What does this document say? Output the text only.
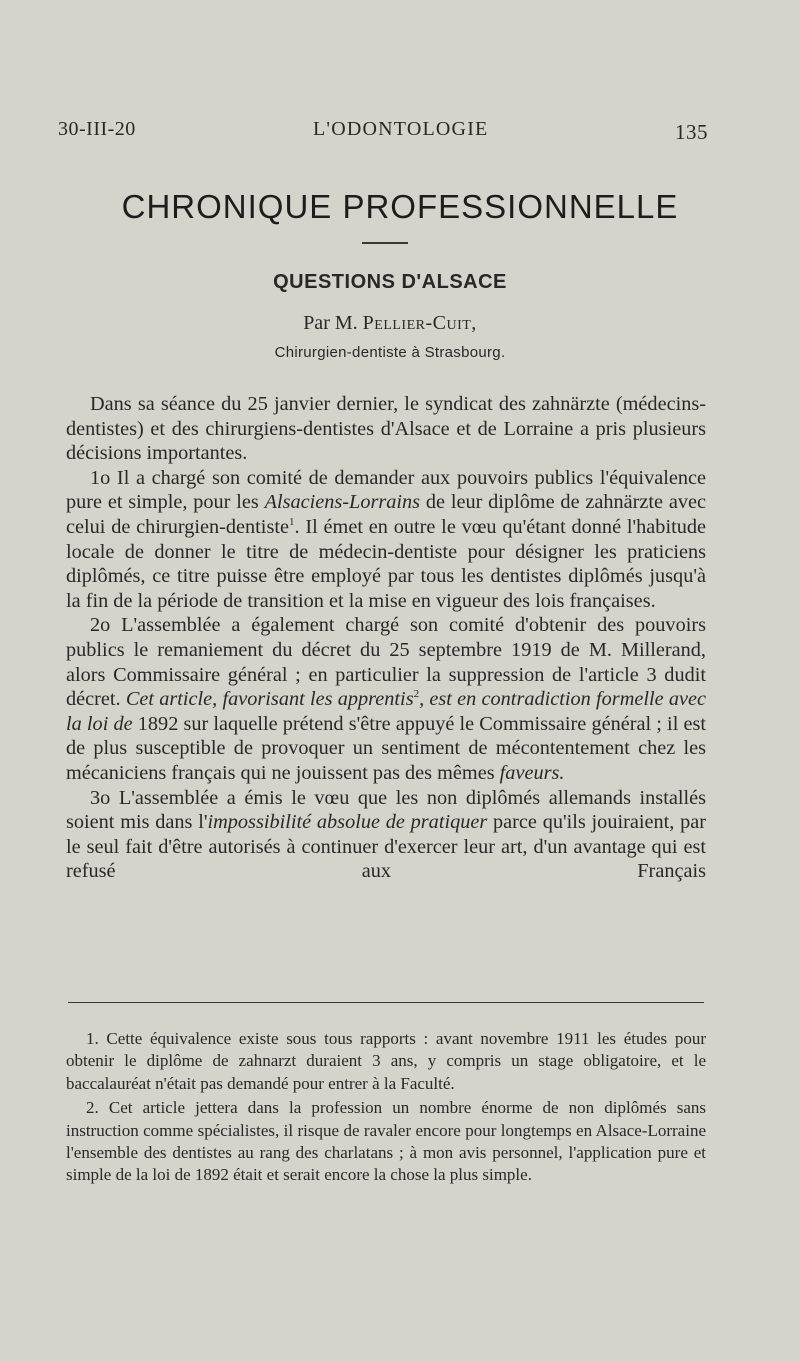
30-III-20	L'ODONTOLOGIE	135
CHRONIQUE PROFESSIONNELLE
QUESTIONS D'ALSACE
Par M. Pellier-Cuit,
Chirurgien-dentiste à Strasbourg.

Dans sa séance du 25 janvier dernier, le syndicat des zahnärzte (médecins-dentistes) et des chirurgiens-dentistes d'Alsace et de Lorraine a pris plusieurs décisions importantes.

1o Il a chargé son comité de demander aux pouvoirs publics l'équivalence pure et simple, pour les Alsaciens-Lorrains de leur diplôme de zahnärzte avec celui de chirurgien-dentiste$^1$. Il émet en outre le vœu qu'étant donné l'habitude locale de donner le titre de médecin-dentiste pour désigner les praticiens diplômés, ce titre puisse être employé par tous les dentistes diplômés jusqu'à la fin de la période de transition et la mise en vigueur des lois françaises.

2o L'assemblée a également chargé son comité d'obtenir des pouvoirs publics le remaniement du décret du 25 septembre 1919 de M. Millerand, alors Commissaire général ; en particulier la suppression de l'article 3 dudit décret. Cet article, favorisant les apprentis$^2$, est en contradiction formelle avec la loi de 1892 sur laquelle prétend s'être appuyé le Commissaire général ; il est de plus susceptible de provoquer un sentiment de mécontentement chez les mécaniciens français qui ne jouissent pas des mêmes faveurs.

3o L'assemblée a émis le vœu que les non diplômés allemands installés soient mis dans l'impossibilité absolue de pratiquer parce qu'ils jouiraient, par le seul fait d'être autorisés à continuer d'exercer leur art, d'un avantage qui est refusé aux Français

1. Cette équivalence existe sous tous rapports : avant novembre 1911 les études pour obtenir le diplôme de zahnarzt duraient 3 ans, y compris un stage obligatoire, et le baccalauréat n'était pas demandé pour entrer à la Faculté.

2. Cet article jettera dans la profession un nombre énorme de non diplômés sans instruction comme spécialistes, il risque de ravaler encore pour longtemps en Alsace-Lorraine l'ensemble des dentistes au rang des charlatans ; à mon avis personnel, l'application pure et simple de la loi de 1892 était et serait encore la chose la plus simple.
